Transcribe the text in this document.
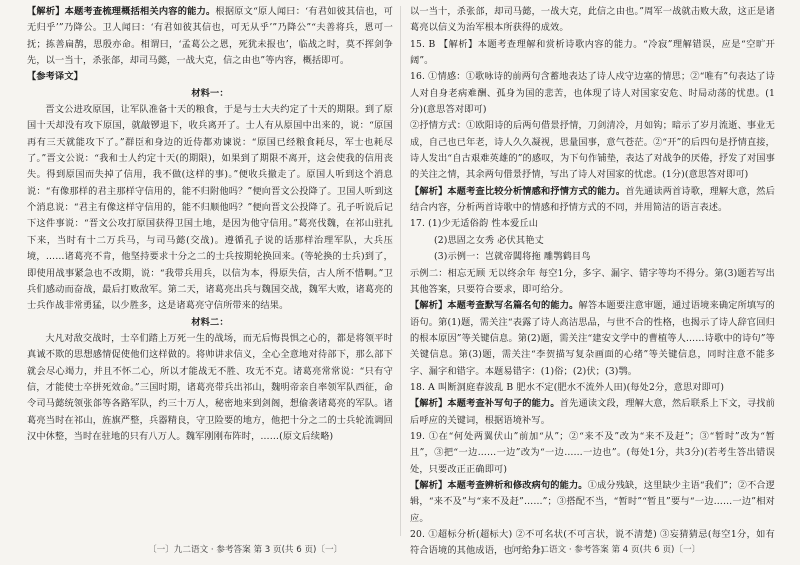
【解析】本题考查梳理概括相关内容的能力。根据原文“原人闻曰：‘有君如彼其信也，可无归乎’”乃降公。卫人闻曰：‘有君如彼其信也，可无从乎’”乃降公”“夫善将兵，恩可一抚；拣善扁鹊，思殷亦命。相谓曰，‘孟葛公之恩，死犹未报也’，临战之时，莫不挥剑争先，以一当十，杀张郃，却司马懿，一战大克，信之由也”等内容，概括即可。

【参考译文】

材料一：

晋文公进攻原国，让军队准备十天的粮食，于是与士大夫约定了十天的期限。到了原国十天却没有攻下原国，就敲锣退下，收兵离开了。士人有从原国中出来的，说：“原国再有三天就能攻下了。”群臣和身边的近侍都劝谏说：“原国已经粮食耗尽，军士也耗尽了。”晋文公说：“我和士人约定十天(的期限)，如果到了期限不离开，这会使我的信用丧失。得到原国而失掉了信用，我不做(这样的事)。”便收兵撤走了。原国人听到这个消息说：“有像那样的君主那样守信用的，能不归附他吗？”便向晋文公投降了。卫国人听到这个消息说：“君主有像这样守信用的，能不归顺他吗？”便向晋文公投降了。孔子听说后记下这件事说：“晋文公攻打原国获得卫国土地，是因为他守信用。”葛亮伐魏，在祁山驻扎下来，当时有十二万兵马，与司马懿(交战)。遵循孔子说的话那样治理军队，大兵压境，……诸葛亮不肯，他坚持要求十分之二的士兵按期轮换回来。(等轮换的士兵)到了，即使用战事紧急也不改期，说：“我带兵用兵，以信为本，得原失信，古人所不惜啊。”卫兵们感动而奋战，最后打败敌军。第二天，诸葛亮出兵与魏国交战，魏军大败，诸葛亮的士兵作战非常勇猛，以少胜多，这是诸葛亮守信所带来的结果。

材料二：

大凡对敌交战时，士卒们踏上万死一生的战场，而无后悔畏惧之心的，都是将领平时真诚不欺的思想感情促使他们这样做的。将帅讲求信义，全心全意地对待部下，那么部下就会尽心竭力，并且不怀二心，所以才能战无不胜、攻无不克。诸葛亮常常说：“只有守信，才能使士卒拼死效命。”三国时期，诸葛亮带兵出祁山，魏明帝亲自率领军队西征，命令司马懿统领张郃等各路军队，约三十万人，秘密地来到剑阁，想偷袭诸葛亮的军队。诸葛亮当时在祁山，旌旗严整，兵器精良，守卫险要的地方，他把十分之二的士兵轮流调回汉中休整，当时在驻地的只有八万人。魏军刚刚布阵时，……(原文后续略)

以一当十，杀张郃，却司马懿，一战大克，此信之由也。”周军一战就击败大敌，这正是诸葛亮以信义为治军根本所获得的成效。

15. B 【解析】本题考查理解和赏析诗歌内容的能力。“冷寂”理解错误，应是“空旷开阔”。

16. ①情感：①歌咏诗的前两句含蓄地表达了诗人戍守边塞的情思；②“唯有”句表达了诗人对自身老病难酬、孤身为国的悲苦，也体现了诗人对国家安危、时局动荡的忧患。(1分)(意思答对即可)

②抒情方式：①欧阳诗的后两句借景抒情，刀剑清冷，月如钩；暗示了岁月流逝、事业无成，自己也已年老，诗人久久凝视，思量国事，意气苍茫。②“开”的后四句是抒情直接，诗人发出“自古艰难英雄的”的感叹，为下句作铺垫，表达了对战争的厌倦，抒发了对国事的关注之情，其余两句借景抒情，写出了诗人对国家的忧虑。(1分)(意思答对即可)

【解析】本题考查比较分析情感和抒情方式的能力。首先通读两首诗歌，理解大意，然后结合内容，分析两首诗歌中的情感和抒情方式的不同，并用简洁的语言表述。

17. (1)少无适俗韵 性本爱丘山

(2)思固之女秀 必伏其艳丈

(3)示例一：岂就帝閶将拖 雕鹗鹤目鸟

示例二：相忘无顾 无以终余年 每空1分，多字、漏字、错字等均不得分。第(3)题若写出其他答案，只要符合要求，即可给分。

【解析】本题考查默写名篇名句的能力。解答本题要注意审题，通过语境来确定所填写的语句。第(1)题，需关注“表露了诗人高洁思品，与世不合的性格，也揭示了诗人辞官回归的根本原因”等关键信息。第(2)题，需关注“建安文学中的曹植等人……诗歌中的诗句”等关键信息。第(3)题，需关注“李贺描写复杂画面的心绪”等关键信息，同时注意不能多字、漏字和错字。本题易错字：(1)俗；(2)伏；(3)鹗。

18. A 叫断洞庭春波乱 B 肥水不定(肥水不流外人田)(每处2分，意思对即可)

【解析】本题考查补写句子的能力。首先通读文段，理解大意，然后联系上下文，寻找前后呼应的关键词，根据语境补写。

19. ①在“何处两翼伏山”前加“从”；②“来不及”改为“来不及赶”；③“暂时”改为“暂且”，③把“一边……一边”改为“一边……一边也”。(每处1分，共3分)(若考生答出错误处，只要改正正确即可)

【解析】本题考查辨析和修改病句的能力。①成分残缺，这里缺少主语“我们”；②不合逻辑，“来不及”与“来不及赶”……”；③搭配不当，“暂时”“暂且”要与“一边……一边”相对应。

20. ①超标分析(超标大) ②不可名状(不可言状，说不清楚) ③妄猜猜忌(每空1分，如有符合语境的其他成语，也可给分)

〔一〕九二语文 · 参考答案 第 3 页(共 6 页)〔一〕	〔一〕九二语文 · 参考答案 第 4 页(共 6 页)〔一〕
